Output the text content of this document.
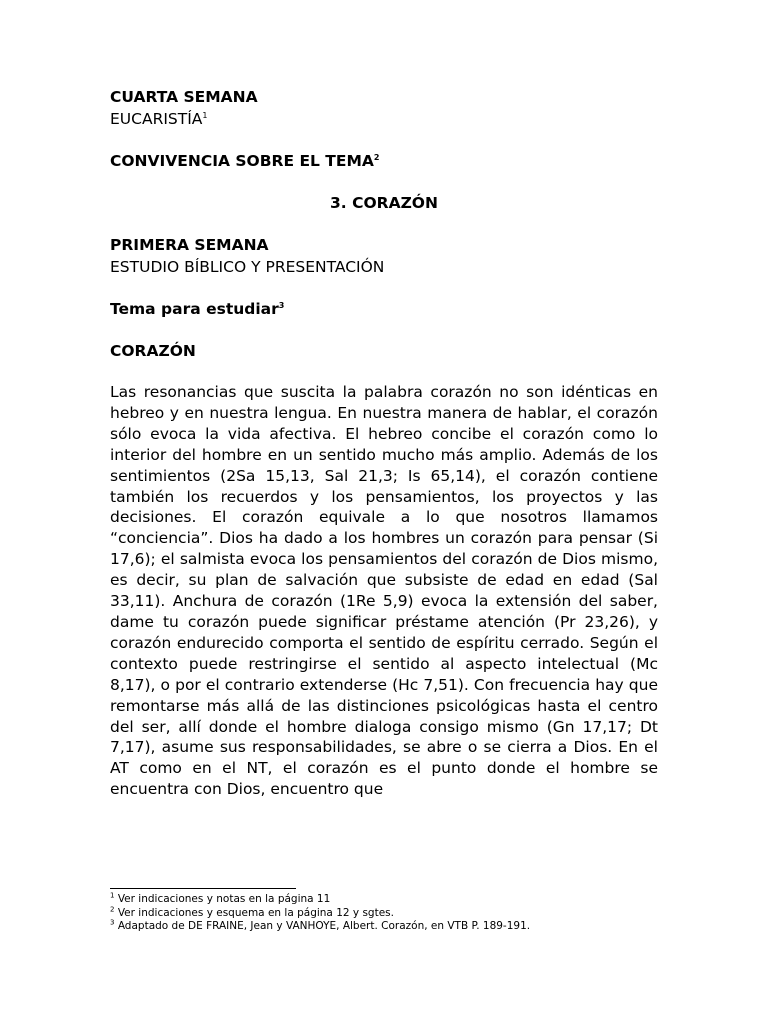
CUARTA SEMANA

EUCARISTÍA$^1$

CONVIVENCIA SOBRE EL TEMA$^2$

3. CORAZÓN

PRIMERA SEMANA

ESTUDIO BÍBLICO Y PRESENTACIÓN

Tema para estudiar$^3$

CORAZÓN

Las resonancias que suscita la palabra corazón no son idénticas en hebreo y en nuestra lengua. En nuestra manera de hablar, el corazón sólo evoca la vida afectiva. El hebreo concibe el corazón como lo interior del hombre en un sentido mucho más amplio. Además de los sentimientos (2Sa 15,13, Sal 21,3; Is 65,14), el corazón contiene también los recuerdos y los pensamientos, los proyectos y las decisiones. El corazón equivale a lo que nosotros llamamos “conciencia”. Dios ha dado a los hombres un corazón para pensar (Si 17,6); el salmista evoca los pensamientos del corazón de Dios mismo, es decir, su plan de salvación que subsiste de edad en edad (Sal 33,11). Anchura de corazón (1Re 5,9) evoca la extensión del saber, dame tu corazón puede significar préstame atención (Pr 23,26), y corazón endurecido comporta el sentido de espíritu cerrado. Según el contexto puede restringirse el sentido al aspecto intelectual (Mc 8,17), o por el contrario extenderse (Hc 7,51). Con frecuencia hay que remontarse más allá de las distinciones psicológicas hasta el centro del ser, allí donde el hombre dialoga consigo mismo (Gn 17,17; Dt 7,17), asume sus responsabilidades, se abre o se cierra a Dios. En el AT como en el NT, el corazón es el punto donde el hombre se encuentra con Dios, encuentro que

$^1$ Ver indicaciones y notas en la página 11

$^2$ Ver indicaciones y esquema en la página 12 y sgtes.

$^3$ Adaptado de DE FRAINE, Jean y VANHOYE, Albert. Corazón, en VTB P. 189-191.
